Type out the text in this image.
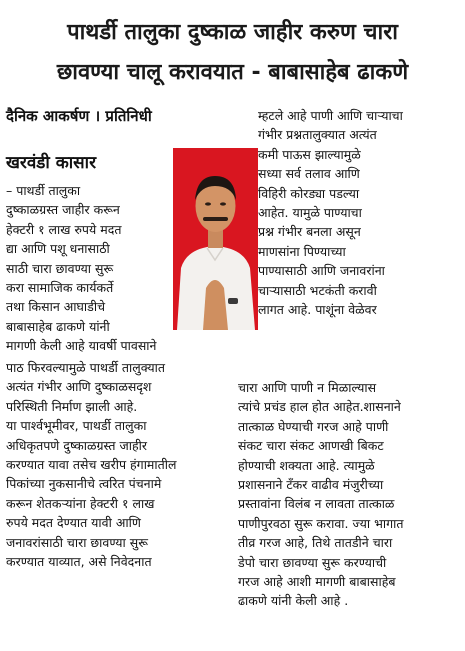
पाथर्डी तालुका दुष्काळ जाहीर करुण चारा
छावण्या चालू करावयात - बाबासाहेब ढाकणे
दैनिक आकर्षण । प्रतिनिधी
खरवंडी कासार
– पाथर्डी तालुका
दुष्काळग्रस्त जाहीर करून
हेक्टरी १ लाख रुपये मदत
द्या आणि पशू धनासाठी
साठी चारा छावण्या सुरू
करा सामाजिक कार्यकर्ते
तथा किसान आघाडीचे
बाबासाहेब ढाकणे यांनी
मागणी केली आहे यावर्षी पावसाने
पाठ फिरवल्यामुळे पाथर्डी तालुक्यात
अत्यंत गंभीर आणि दुष्काळसदृश
परिस्थिती निर्माण झाली आहे.
या पार्श्वभूमीवर, पाथर्डी तालुका
अधिकृतपणे दुष्काळग्रस्त जाहीर
करण्यात यावा तसेच खरीप हंगामातील
पिकांच्या नुकसानीचे त्वरित पंचनामे
करून शेतकऱ्यांना हेक्टरी १ लाख
रुपये मदत देण्यात यावी आणि
जनावरांसाठी चारा छावण्या सुरू
करण्यात याव्यात, असे निवेदनात
म्हटले आहे पाणी आणि चाऱ्याचा
गंभीर प्रश्नतालुक्यात अत्यंत
कमी पाऊस झाल्यामुळे
सध्या सर्व तलाव आणि
विहिरी कोरड्या पडल्या
आहेत. यामुळे पाण्याचा
प्रश्न गंभीर बनला असून
माणसांना पिण्याच्या
पाण्यासाठी आणि जनावरांना
चाऱ्यासाठी भटकंती करावी
लागत आहे. पाशूंना वेळेवर
चारा आणि पाणी न मिळाल्यास
त्यांचे प्रचंड हाल होत आहेत.शासनाने
तात्काळ घेण्याची गरज आहे पाणी
संकट चारा संकट आणखी बिकट
होण्याची शक्यता आहे. त्यामुळे
प्रशासनाने टँकर वाढीव मंजुरीच्या
प्रस्तावांना विलंब न लावता तात्काळ
पाणीपुरवठा सुरू करावा. ज्या भागात
तीव्र गरज आहे, तिथे तातडीने चारा
डेपो चारा छावण्या सुरू करण्याची
गरज आहे आशी मागणी बाबासाहेब
ढाकणे यांनी केली आहे .
